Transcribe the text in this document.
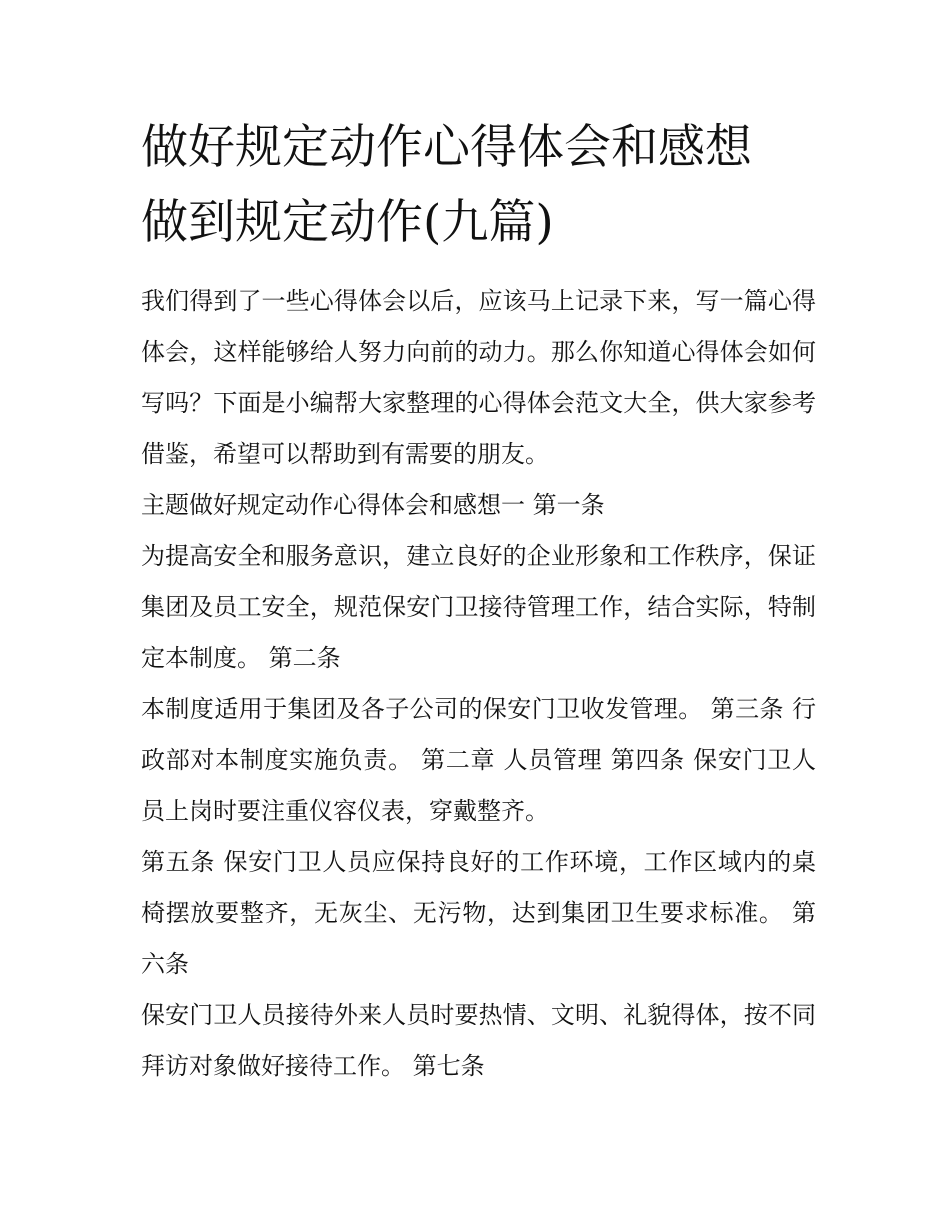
做好规定动作心得体会和感想
做到规定动作(九篇)

我们得到了一些心得体会以后，应该马上记录下来，写一篇心得体会，这样能够给人努力向前的动力。那么你知道心得体会如何写吗？下面是小编帮大家整理的心得体会范文大全，供大家参考借鉴，希望可以帮助到有需要的朋友。

主题做好规定动作心得体会和感想一 第一条

为提高安全和服务意识，建立良好的企业形象和工作秩序，保证集团及员工安全，规范保安门卫接待管理工作，结合实际，特制定本制度。 第二条

本制度适用于集团及各子公司的保安门卫收发管理。 第三条 行政部对本制度实施负责。 第二章 人员管理 第四条 保安门卫人员上岗时要注重仪容仪表，穿戴整齐。

第五条 保安门卫人员应保持良好的工作环境，工作区域内的桌椅摆放要整齐，无灰尘、无污物，达到集团卫生要求标准。 第六条

保安门卫人员接待外来人员时要热情、文明、礼貌得体，按不同拜访对象做好接待工作。 第七条
